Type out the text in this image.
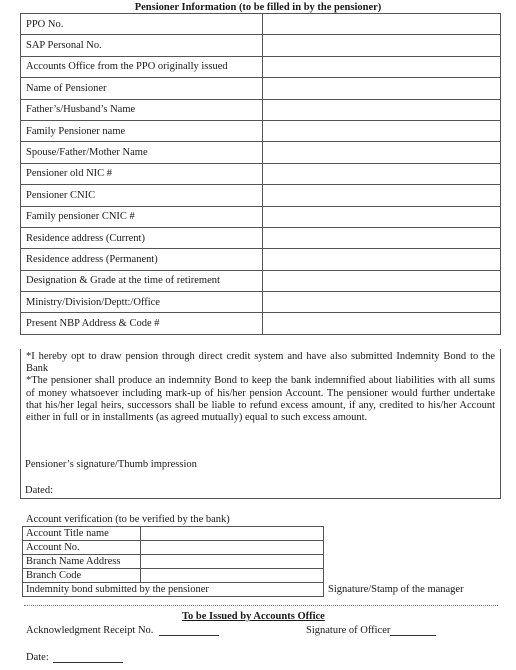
Pensioner Information (to be filled in by the pensioner)
PPO No.	
SAP Personal No.	
Accounts Office from the PPO originally issued	
Name of Pensioner	
Father’s/Husband’s Name	
Family Pensioner name	
Spouse/Father/Mother Name	
Pensioner old NIC #	
Pensioner CNIC	
Family pensioner CNIC #	
Residence address (Current)	
Residence address (Permanent)	
Designation & Grade at the time of retirement	
Ministry/Division/Deptt:/Office	
Present NBP Address & Code #	

*I hereby opt to draw pension through direct credit system and have also submitted Indemnity Bond to the Bank

*The pensioner shall produce an indemnity Bond to keep the bank indemnified about liabilities with all sums of money whatsoever including mark-up of his/her pension Account. The pensioner would further undertake that his/her legal heirs, successors shall be liable to refund excess amount, if any, credited to his/her Account either in full or in installments (as agreed mutually) equal to such excess amount.

Pensioner’s signature/Thumb impression
Dated:
Account verification (to be verified by the bank)
Account Title name	
Account No.	
Branch Name Address	
Branch Code	
Indemnity bond submitted by the pensioner		Signature/Stamp of the manager
To be Issued by Accounts Office
Acknowledgment Receipt No.	Signature of Officer
Date:
